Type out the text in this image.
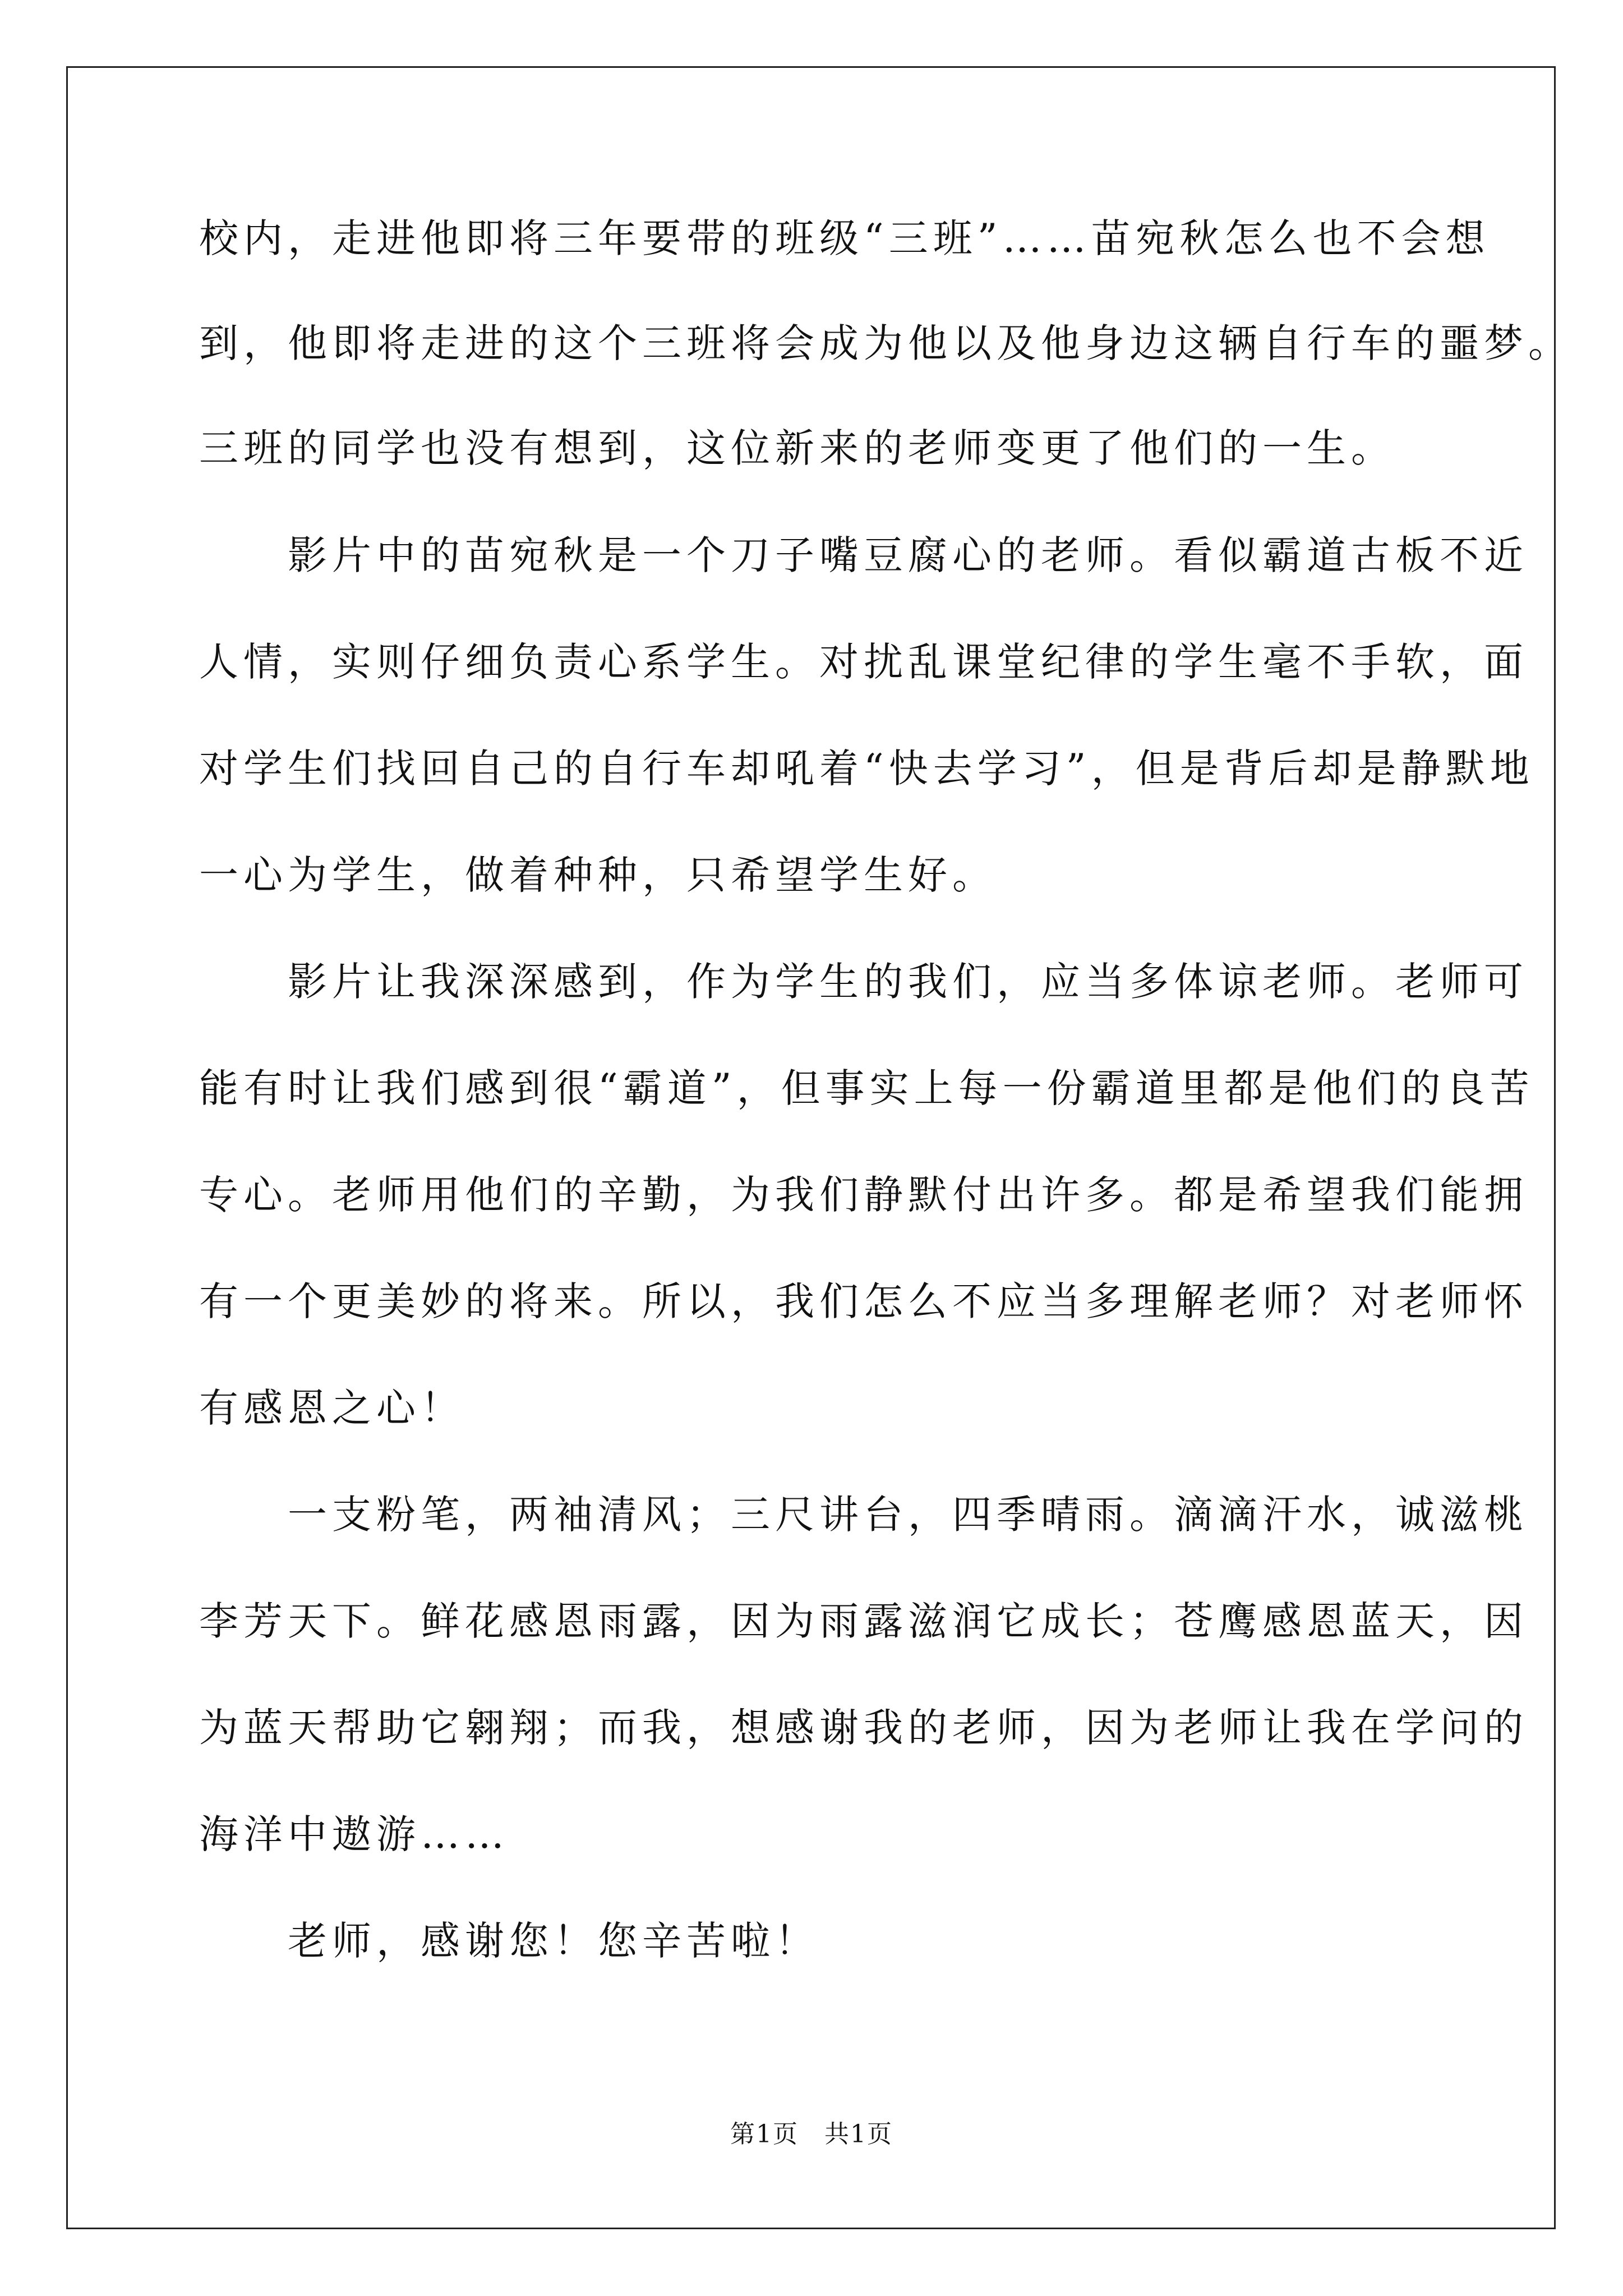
校内，走进他即将三年要带的班级“三班”……苗宛秋怎么也不会想
到，他即将走进的这个三班将会成为他以及他身边这辆自行车的噩梦。
三班的同学也没有想到，这位新来的老师变更了他们的一生。
　　影片中的苗宛秋是一个刀子嘴豆腐心的老师。看似霸道古板不近
人情，实则仔细负责心系学生。对扰乱课堂纪律的学生毫不手软，面
对学生们找回自己的自行车却吼着“快去学习”，但是背后却是静默地
一心为学生，做着种种，只希望学生好。
　　影片让我深深感到，作为学生的我们，应当多体谅老师。老师可
能有时让我们感到很“霸道”，但事实上每一份霸道里都是他们的良苦
专心。老师用他们的辛勤，为我们静默付出许多。都是希望我们能拥
有一个更美妙的将来。所以，我们怎么不应当多理解老师？对老师怀
有感恩之心！
　　一支粉笔，两袖清风；三尺讲台，四季晴雨。滴滴汗水，诚滋桃
李芳天下。鲜花感恩雨露，因为雨露滋润它成长；苍鹰感恩蓝天，因
为蓝天帮助它翱翔；而我，想感谢我的老师，因为老师让我在学问的
海洋中遨游……
　　老师，感谢您！您辛苦啦！
第1页　共1页
